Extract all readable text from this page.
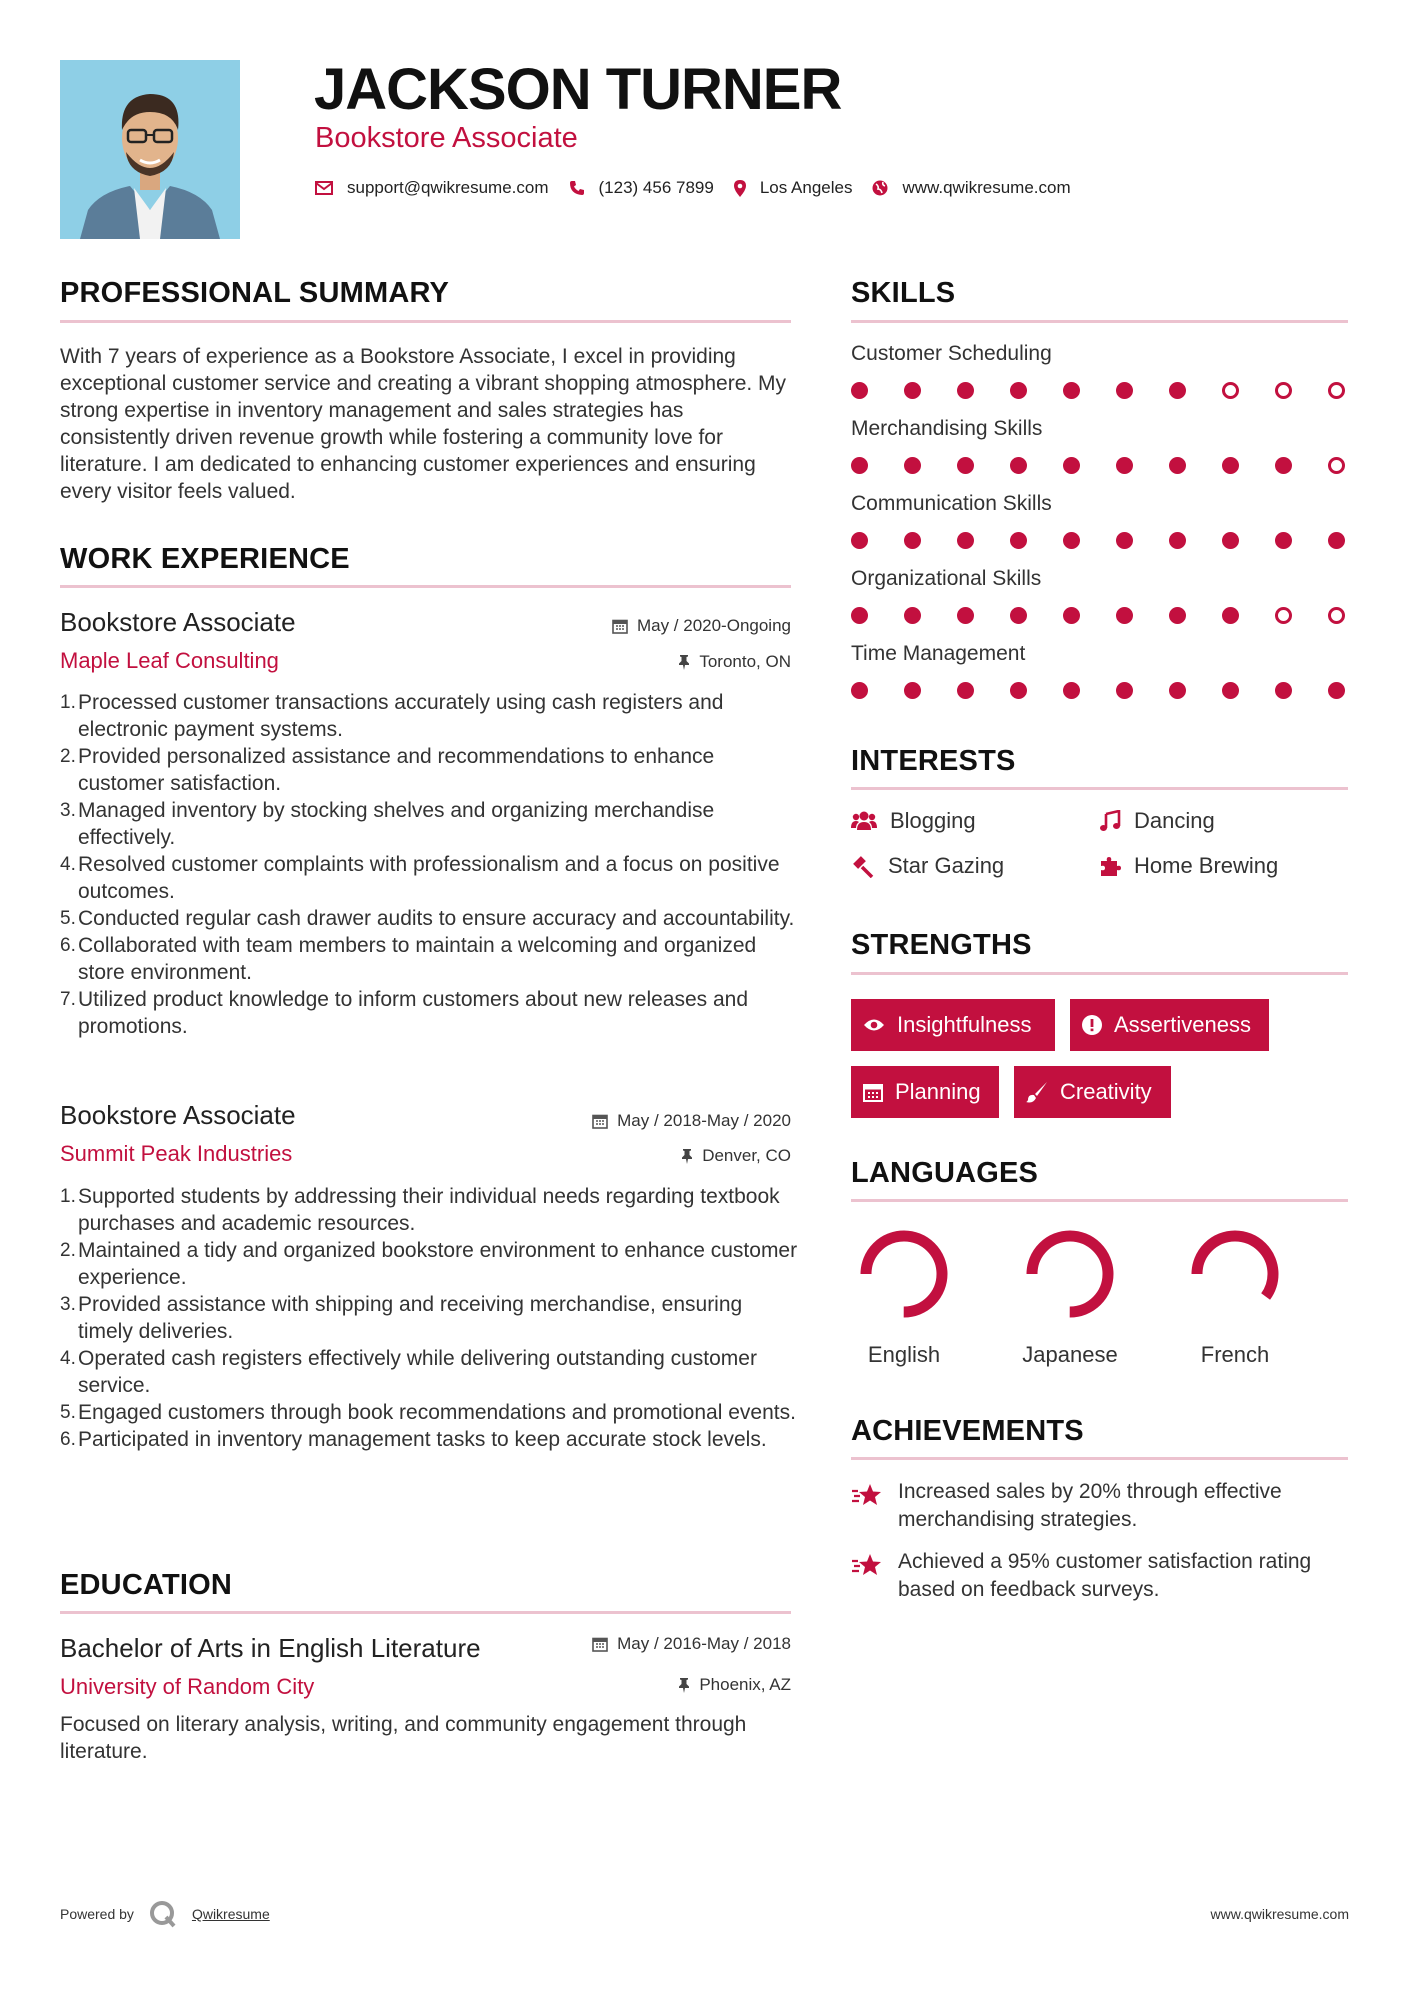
JACKSON TURNER
Bookstore Associate
support@qwikresume.com	(123) 456 7899	Los Angeles	www.qwikresume.com
PROFESSIONAL SUMMARY
With 7 years of experience as a Bookstore Associate, I excel in providing exceptional customer service and creating a vibrant shopping atmosphere. My strong expertise in inventory management and sales strategies has consistently driven revenue growth while fostering a community love for literature. I am dedicated to enhancing customer experiences and ensuring every visitor feels valued.
WORK EXPERIENCE
Bookstore Associate	May / 2020-Ongoing
Maple Leaf Consulting	Toronto, ON
1. Processed customer transactions accurately using cash registers and electronic payment systems.
2. Provided personalized assistance and recommendations to enhance customer satisfaction.
3. Managed inventory by stocking shelves and organizing merchandise effectively.
4. Resolved customer complaints with professionalism and a focus on positive outcomes.
5. Conducted regular cash drawer audits to ensure accuracy and accountability.
6. Collaborated with team members to maintain a welcoming and organized store environment.
7. Utilized product knowledge to inform customers about new releases and promotions.
Bookstore Associate	May / 2018-May / 2020
Summit Peak Industries	Denver, CO
1. Supported students by addressing their individual needs regarding textbook purchases and academic resources.
2. Maintained a tidy and organized bookstore environment to enhance customer experience.
3. Provided assistance with shipping and receiving merchandise, ensuring timely deliveries.
4. Operated cash registers effectively while delivering outstanding customer service.
5. Engaged customers through book recommendations and promotional events.
6. Participated in inventory management tasks to keep accurate stock levels.
EDUCATION
Bachelor of Arts in English Literature	May / 2016-May / 2018
University of Random City	Phoenix, AZ
Focused on literary analysis, writing, and community engagement through literature.
SKILLS
Customer Scheduling
Merchandising Skills
Communication Skills
Organizational Skills
Time Management
INTERESTS
Blogging	Dancing
Star Gazing	Home Brewing
STRENGTHS
Insightfulness	Assertiveness
Planning	Creativity
LANGUAGES
English	Japanese	French
ACHIEVEMENTS
Increased sales by 20% through effective merchandising strategies.
Achieved a 95% customer satisfaction rating based on feedback surveys.
Powered by	Qwikresume	www.qwikresume.com
